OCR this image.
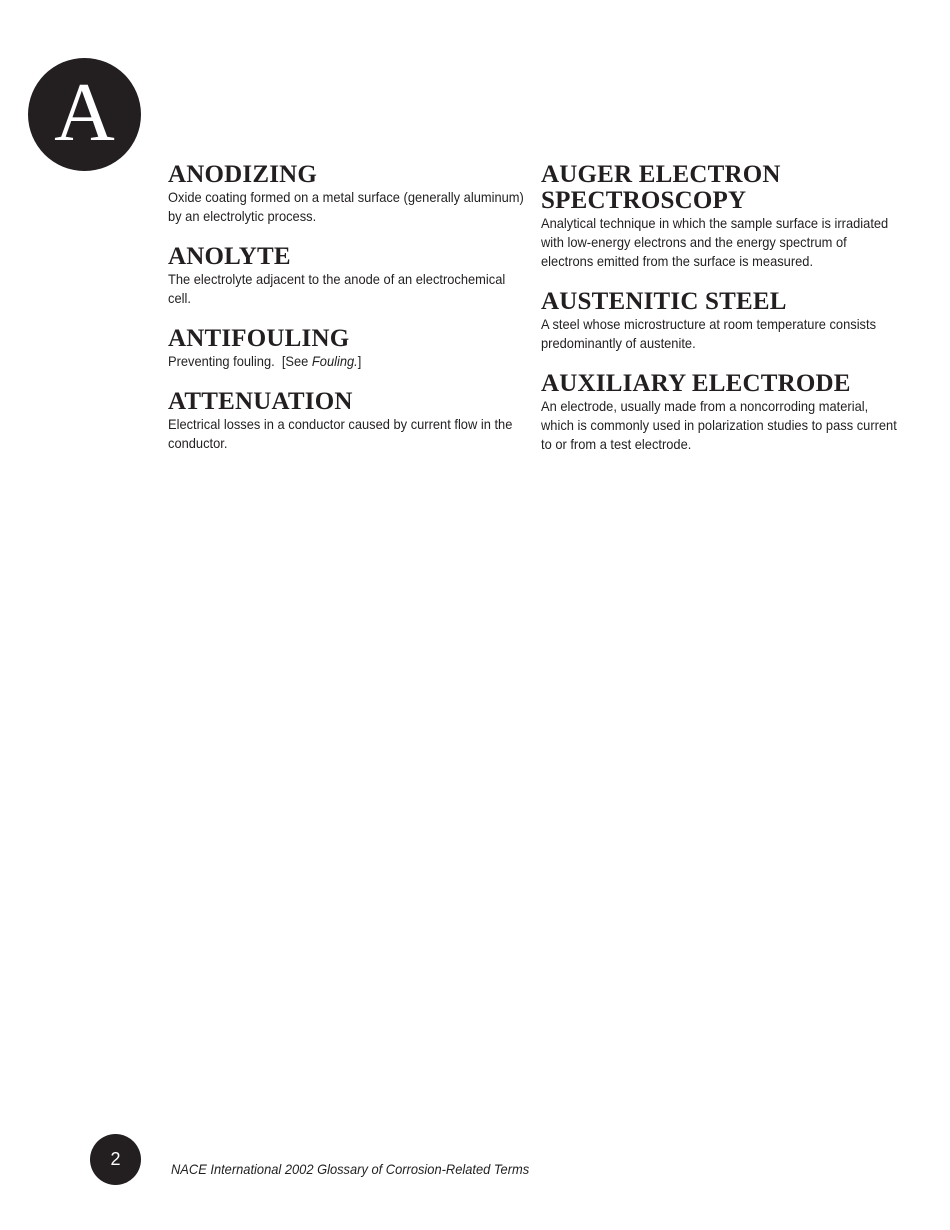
A
ANODIZING

Oxide coating formed on a metal surface (generally aluminum) by an electrolytic process.

ANOLYTE

The electrolyte adjacent to the anode of an electrochemical cell.

ANTIFOULING

Preventing fouling.  [See Fouling.]

ATTENUATION

Electrical losses in a conductor caused by current flow in the conductor.

AUGER ELECTRON
SPECTROSCOPY

Analytical technique in which the sample surface is irradiated with low-energy electrons and the energy spectrum of electrons emitted from the surface is measured.

AUSTENITIC STEEL

A steel whose microstructure at room temperature consists predominantly of austenite.

AUXILIARY ELECTRODE

An electrode, usually made from a noncorroding material, which is commonly used in polarization studies to pass current to or from a test electrode.

2	NACE International 2002 Glossary of Corrosion-Related Terms
